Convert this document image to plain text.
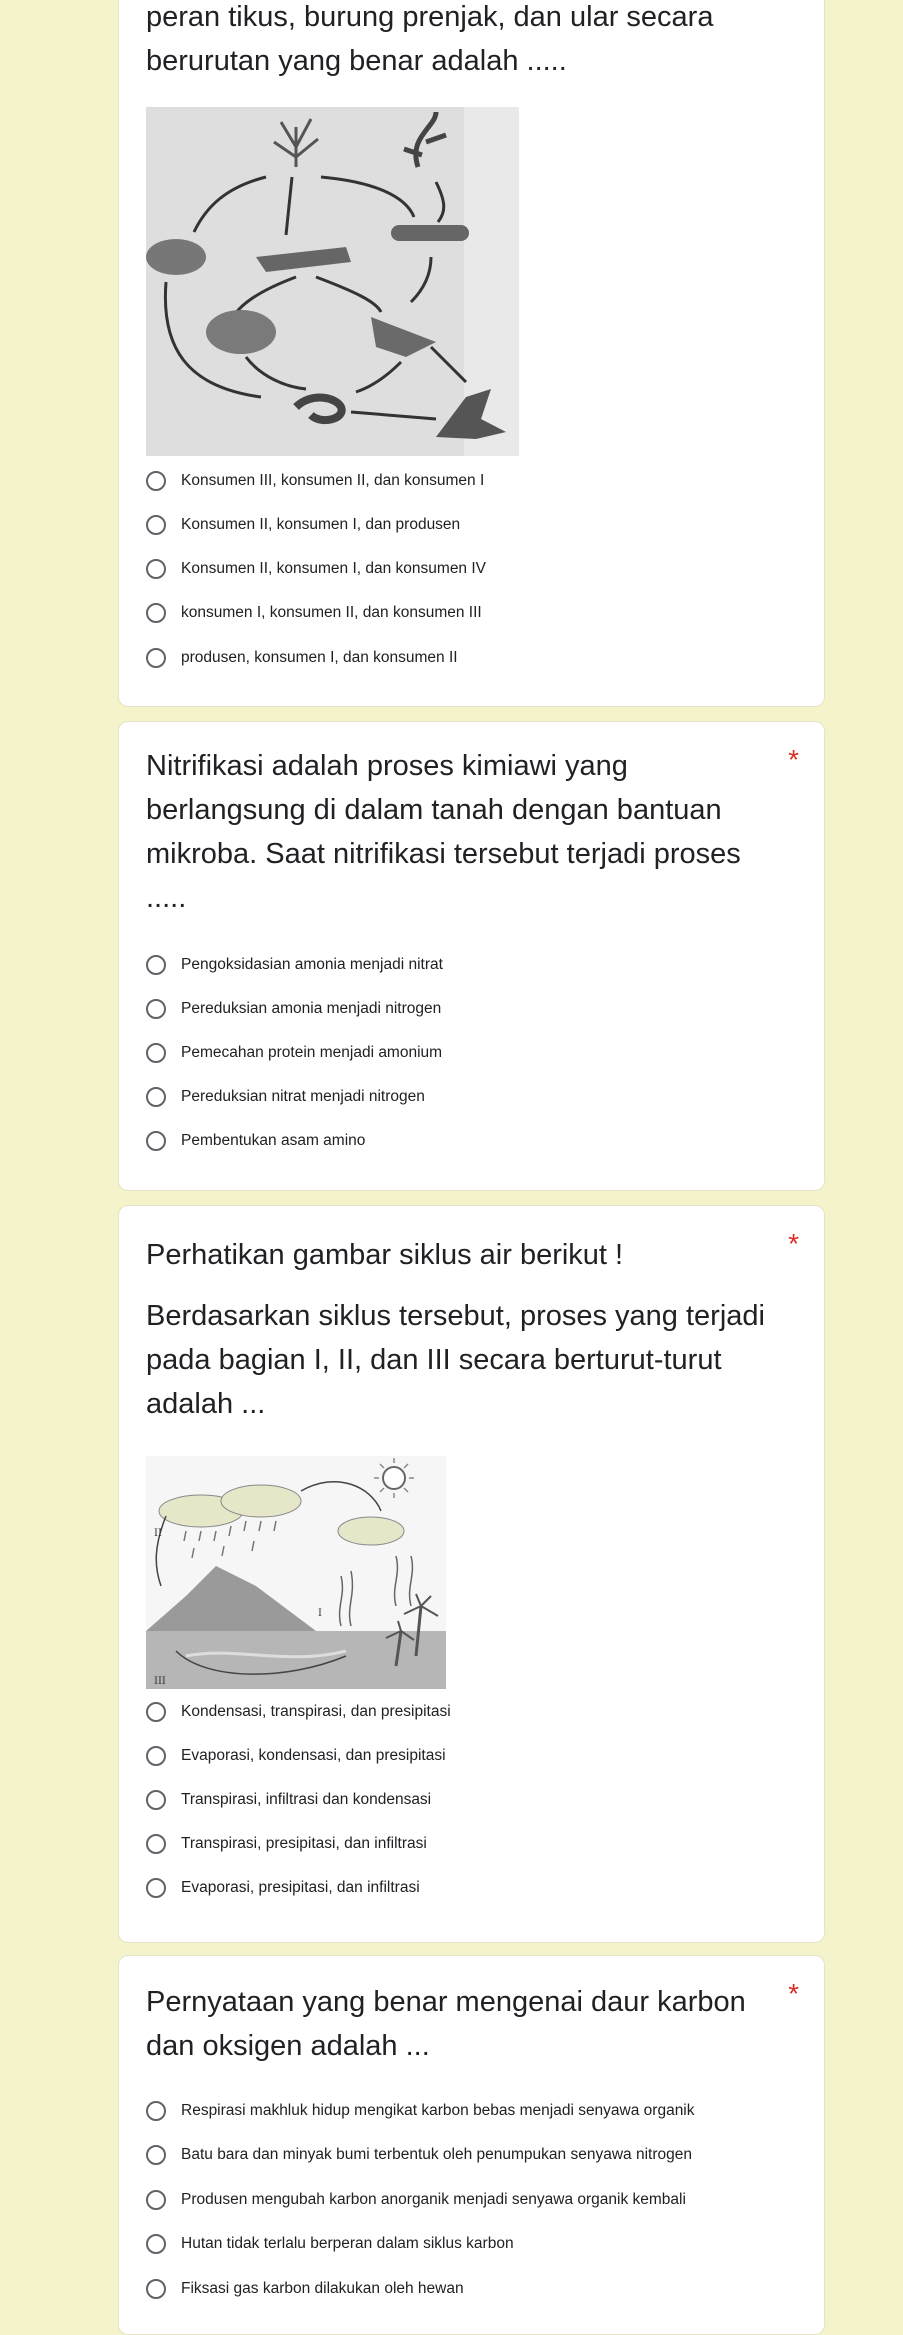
peran tikus, burung prenjak, dan ular secara berurutan yang benar adalah .....

Konsumen III, konsumen II, dan konsumen I
Konsumen II, konsumen I, dan produsen
Konsumen II, konsumen I, dan konsumen IV
konsumen I, konsumen II, dan konsumen III
produsen, konsumen I, dan konsumen II

Nitrifikasi adalah proses kimiawi yang berlangsung di dalam tanah dengan bantuan mikroba. Saat nitrifikasi tersebut terjadi proses .....

*
Pengoksidasian amonia menjadi nitrat
Pereduksian amonia menjadi nitrogen
Pemecahan protein menjadi amonium
Pereduksian nitrat menjadi nitrogen
Pembentukan asam amino

Perhatikan gambar siklus air berikut !	*

Berdasarkan siklus tersebut, proses yang terjadi pada bagian I, II, dan III secara berturut-turut adalah ...

II
I
III
Kondensasi, transpirasi, dan presipitasi
Evaporasi, kondensasi, dan presipitasi
Transpirasi, infiltrasi dan kondensasi
Transpirasi, presipitasi, dan infiltrasi
Evaporasi, presipitasi, dan infiltrasi

Pernyataan yang benar mengenai daur karbon dan oksigen adalah ...

*
Respirasi makhluk hidup mengikat karbon bebas menjadi senyawa organik
Batu bara dan minyak bumi terbentuk oleh penumpukan senyawa nitrogen
Produsen mengubah karbon anorganik menjadi senyawa organik kembali
Hutan tidak terlalu berperan dalam siklus karbon
Fiksasi gas karbon dilakukan oleh hewan
